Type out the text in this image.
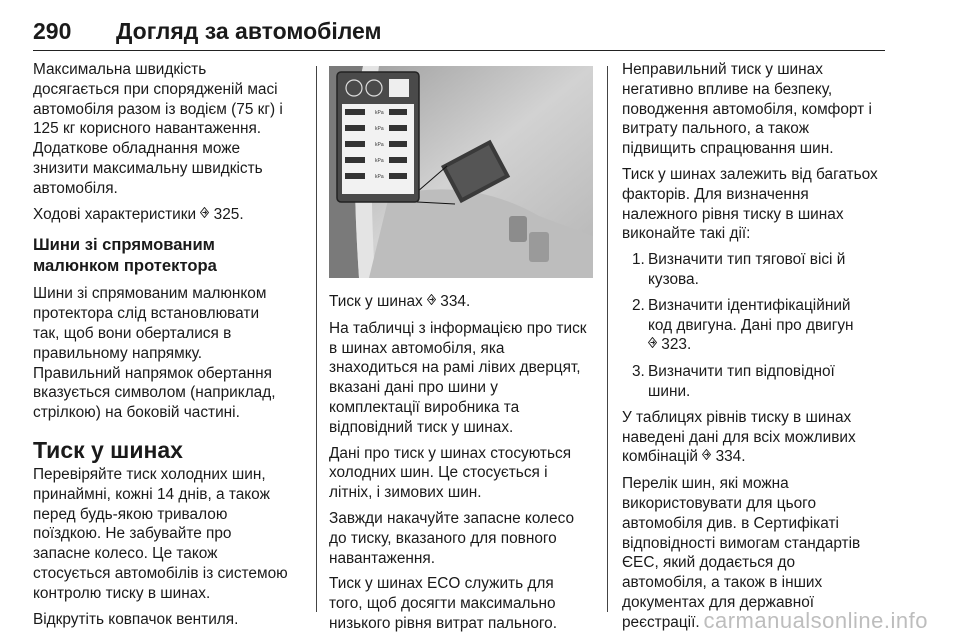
290 Догляд за автомобілем

Максимальна швидкість
досягається при спорядженій масі
автомобіля разом із водієм (75 кг) і
125 кг корисного навантаження.
Додаткове обладнання може
знизити максимальну швидкість
автомобіля.

Ходові характеристики  325.

Шини зі спрямованим
малюнком протектора

Шини зі спрямованим малюнком
протектора слід встановлювати
так, щоб вони оберталися в
правильному напрямку.
Правильний напрямок обертання
вказується символом (наприклад,
стрілкою) на боковій частині.

Тиск у шинах

Перевіряйте тиск холодних шин,
принаймні, кожні 14 днів, а також
перед будь-якою тривалою
поїздкою. Не забувайте про
запасне колесо. Це також
стосується автомобілів із системою
контролю тиску в шинах.

Відкрутіть ковпачок вентиля.

kPa
kPa
kPa
kPa
kPa

Тиск у шинах  334.

На табличці з інформацією про тиск
в шинах автомобіля, яка
знаходиться на рамі лівих дверцят,
вказані дані про шини у
комплектації виробника та
відповідний тиск у шинах.

Дані про тиск у шинах стосуються
холодних шин. Це стосується і
літніх, і зимових шин.

Завжди накачуйте запасне колесо
до тиску, вказаного для повного
навантаження.

Тиск у шинах ECO служить для
того, щоб досягти максимально
низького рівня витрат пального.

Неправильний тиск у шинах
негативно впливе на безпеку,
поводження автомобіля, комфорт і
витрату пального, а також
підвищить спрацювання шин.

Тиск у шинах залежить від багатьох
факторів. Для визначення
належного рівня тиску в шинах
виконайте такі дії:

1. Визначити тип тягової вісі й
кузова.
2. Визначити ідентифікаційний
код двигуна. Дані про двигун
323.
3. Визначити тип відповідної
шини.

У таблицях рівнів тиску в шинах
наведені дані для всіх можливих
комбінацій  334.

Перелік шин, які можна
використовувати для цього
автомобіля див. в Сертифікаті
відповідності вимогам стандартів
ЄЕС, який додається до
автомобіля, а також в інших
документах для державної
реєстрації. carmanualsonline.info
